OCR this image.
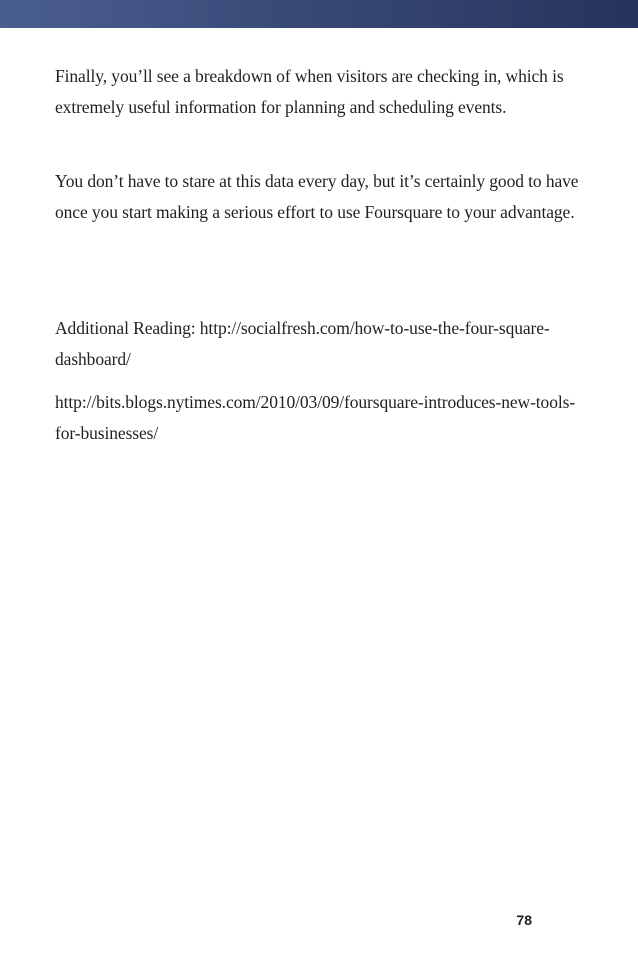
Finally, you’ll see a breakdown of when visitors are checking in, which is extremely useful information for planning and scheduling events.

You don’t have to stare at this data every day, but it’s certainly good to have once you start making a serious effort to use Foursquare to your advantage.

Additional Reading: http://socialfresh.com/how-to-use-the-four-square-dashboard/

http://bits.blogs.nytimes.com/2010/03/09/foursquare-introduces-new-tools-for-businesses/

78
